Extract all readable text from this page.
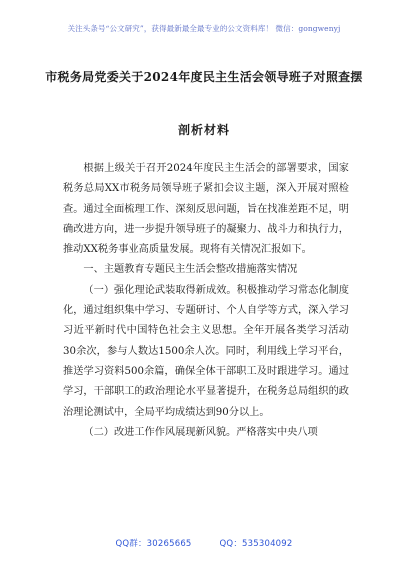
关注头条号“公文研究”，获得最新最全最专业的公文资料库！ 微信：gongwenyj
市税务局党委关于2024年度民主生活会领导班子对照查摆
剖析材料

根据上级关于召开2024年度民主生活会的部署要求，国家税务总局XX市税务局领导班子紧扣会议主题，深入开展对照检查。通过全面梳理工作、深刻反思问题，旨在找准差距不足，明确改进方向，进一步提升领导班子的凝聚力、战斗力和执行力，推动XX税务事业高质量发展。现将有关情况汇报如下。

一、主题教育专题民主生活会整改措施落实情况

（一）强化理论武装取得新成效。积极推动学习常态化制度化，通过组织集中学习、专题研讨、个人自学等方式，深入学习习近平新时代中国特色社会主义思想。全年开展各类学习活动30余次，参与人数达1500余人次。同时，利用线上学习平台，推送学习资料500余篇，确保全体干部职工及时跟进学习。通过学习，干部职工的政治理论水平显著提升，在税务总局组织的政治理论测试中，全局平均成绩达到90分以上。

（二）改进工作作风展现新风貌。严格落实中央八项

QQ群：30265665	QQ：535304092
